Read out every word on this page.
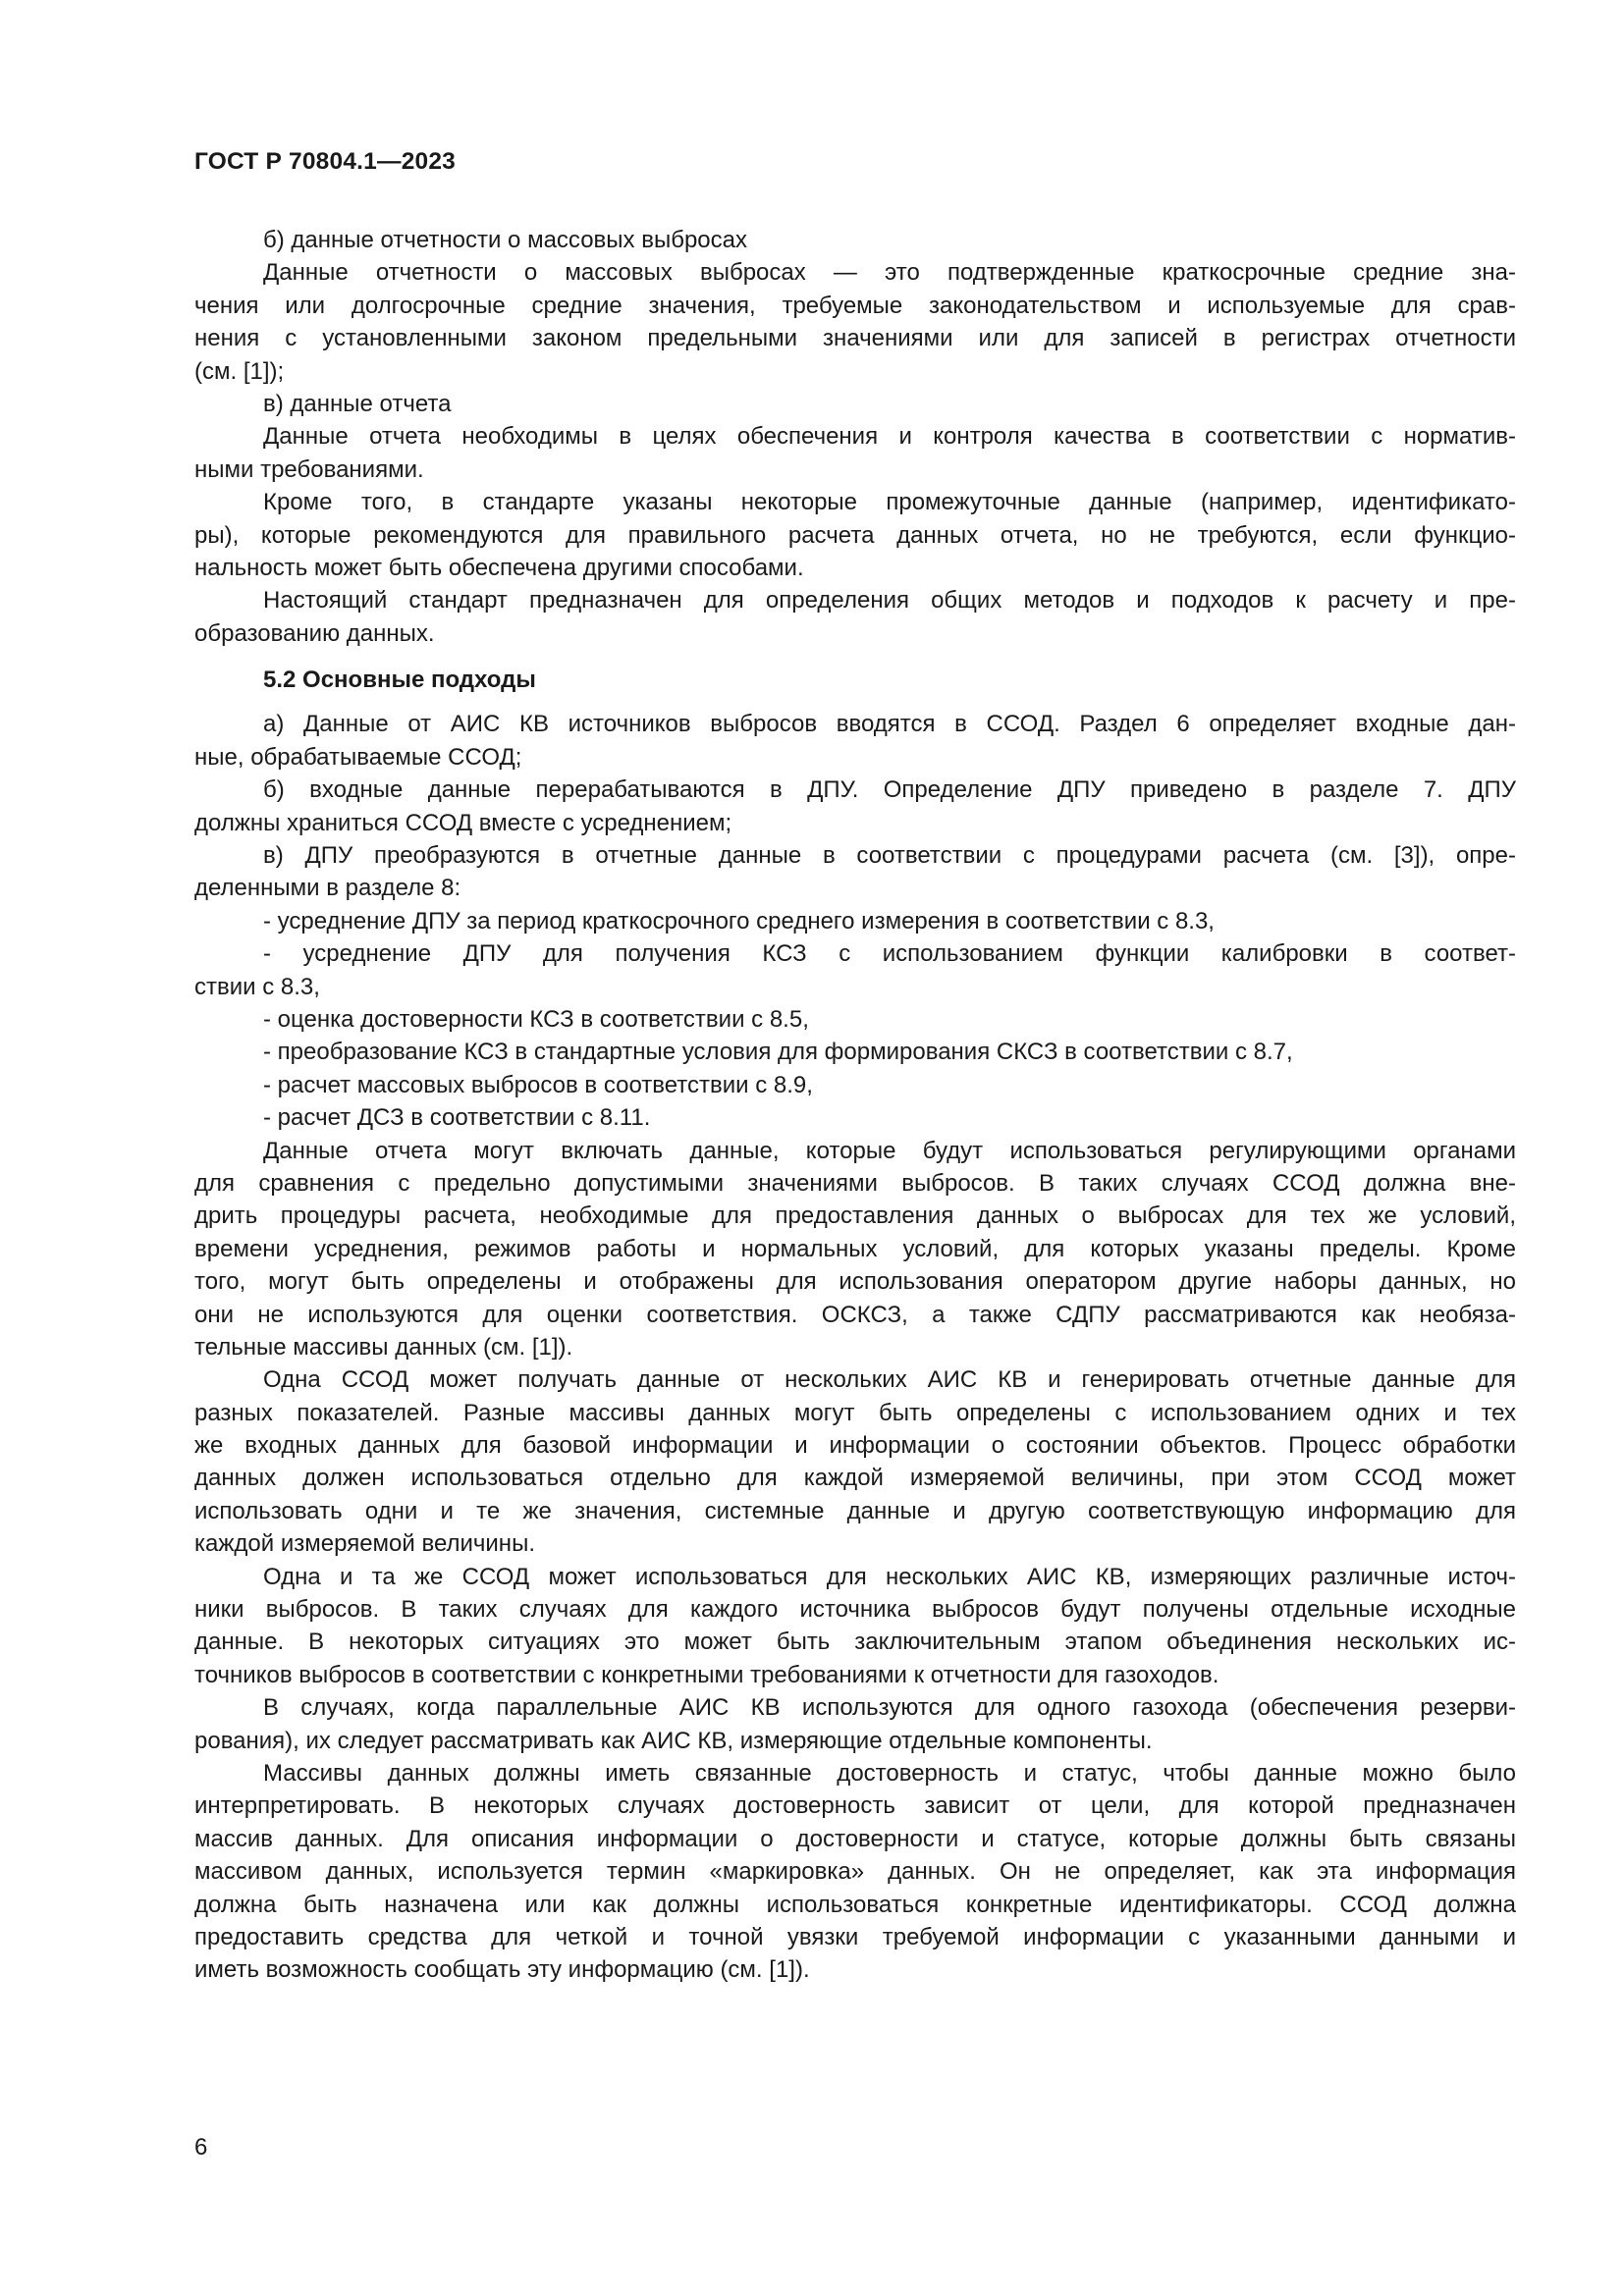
ГОСТ Р 70804.1—2023
б) данные отчетности о массовых выбросах
Данные отчетности о массовых выбросах — это подтвержденные краткосрочные средние зна-
чения или долгосрочные средние значения, требуемые законодательством и используемые для срав-
нения с установленными законом предельными значениями или для записей в регистрах отчетности
(см. [1]);
в) данные отчета
Данные отчета необходимы в целях обеспечения и контроля качества в соответствии с норматив-
ными требованиями.
Кроме того, в стандарте указаны некоторые промежуточные данные (например, идентификато-
ры), которые рекомендуются для правильного расчета данных отчета, но не требуются, если функцио-
нальность может быть обеспечена другими способами.
Настоящий стандарт предназначен для определения общих методов и подходов к расчету и пре-
образованию данных.
5.2 Основные подходы
а) Данные от АИС КВ источников выбросов вводятся в ССОД. Раздел 6 определяет входные дан-
ные, обрабатываемые ССОД;
б) входные данные перерабатываются в ДПУ. Определение ДПУ приведено в разделе 7. ДПУ
должны храниться ССОД вместе с усреднением;
в) ДПУ преобразуются в отчетные данные в соответствии с процедурами расчета (см. [3]), опре-
деленными в разделе 8:
- усреднение ДПУ за период краткосрочного среднего измерения в соответствии с 8.3,
- усреднение ДПУ для получения КСЗ с использованием функции калибровки в соответ-
ствии с 8.3,
- оценка достоверности КСЗ в соответствии с 8.5,
- преобразование КСЗ в стандартные условия для формирования СКСЗ в соответствии с 8.7,
- расчет массовых выбросов в соответствии с 8.9,
- расчет ДСЗ в соответствии с 8.11.
Данные отчета могут включать данные, которые будут использоваться регулирующими органами
для сравнения с предельно допустимыми значениями выбросов. В таких случаях ССОД должна вне-
дрить процедуры расчета, необходимые для предоставления данных о выбросах для тех же условий,
времени усреднения, режимов работы и нормальных условий, для которых указаны пределы. Кроме
того, могут быть определены и отображены для использования оператором другие наборы данных, но
они не используются для оценки соответствия. ОСКСЗ, а также СДПУ рассматриваются как необяза-
тельные массивы данных (см. [1]).
Одна ССОД может получать данные от нескольких АИС КВ и генерировать отчетные данные для
разных показателей. Разные массивы данных могут быть определены с использованием одних и тех
же входных данных для базовой информации и информации о состоянии объектов. Процесс обработки
данных должен использоваться отдельно для каждой измеряемой величины, при этом ССОД может
использовать одни и те же значения, системные данные и другую соответствующую информацию для
каждой измеряемой величины.
Одна и та же ССОД может использоваться для нескольких АИС КВ, измеряющих различные источ-
ники выбросов. В таких случаях для каждого источника выбросов будут получены отдельные исходные
данные. В некоторых ситуациях это может быть заключительным этапом объединения нескольких ис-
точников выбросов в соответствии с конкретными требованиями к отчетности для газоходов.
В случаях, когда параллельные АИС КВ используются для одного газохода (обеспечения резерви-
рования), их следует рассматривать как АИС КВ, измеряющие отдельные компоненты.
Массивы данных должны иметь связанные достоверность и статус, чтобы данные можно было
интерпретировать. В некоторых случаях достоверность зависит от цели, для которой предназначен
массив данных. Для описания информации о достоверности и статусе, которые должны быть связаны
массивом данных, используется термин «маркировка» данных. Он не определяет, как эта информация
должна быть назначена или как должны использоваться конкретные идентификаторы. ССОД должна
предоставить средства для четкой и точной увязки требуемой информации с указанными данными и
иметь возможность сообщать эту информацию (см. [1]).
6
